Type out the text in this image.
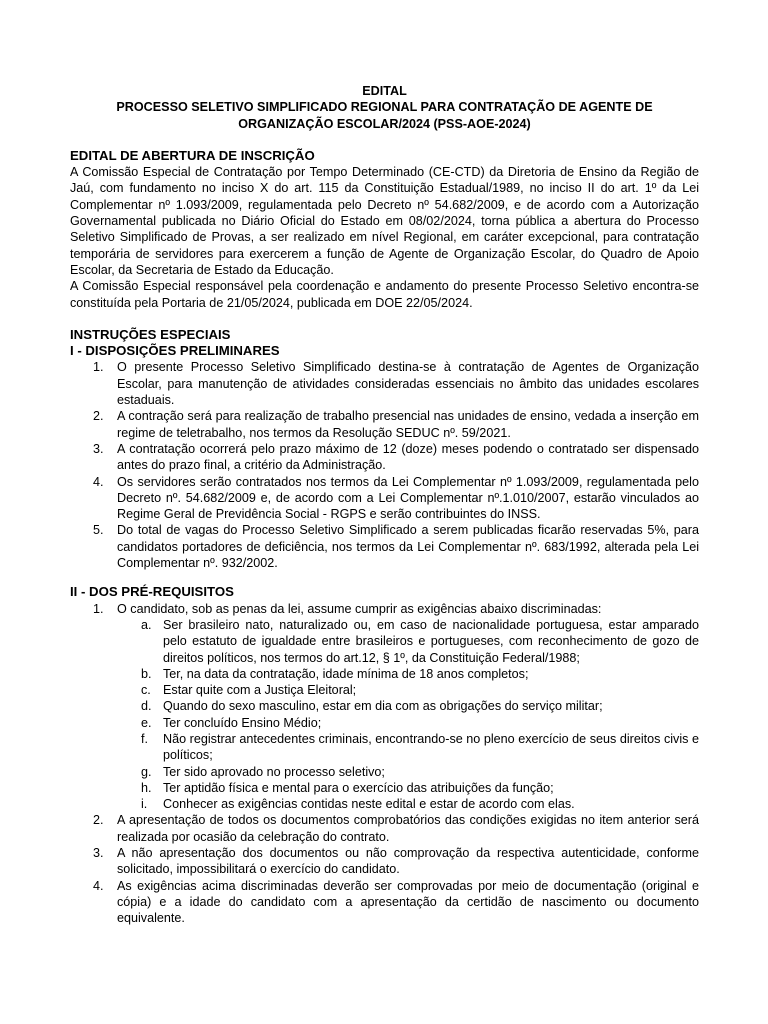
EDITAL
PROCESSO SELETIVO SIMPLIFICADO REGIONAL PARA CONTRATAÇÃO DE AGENTE DE ORGANIZAÇÃO ESCOLAR/2024 (PSS-AOE-2024)
EDITAL DE ABERTURA DE INSCRIÇÃO
A Comissão Especial de Contratação por Tempo Determinado (CE-CTD) da Diretoria de Ensino da Região de Jaú, com fundamento no inciso X do art. 115 da Constituição Estadual/1989, no inciso II do art. 1º da Lei Complementar nº 1.093/2009, regulamentada pelo Decreto nº 54.682/2009, e de acordo com a Autorização Governamental publicada no Diário Oficial do Estado em 08/02/2024, torna pública a abertura do Processo Seletivo Simplificado de Provas, a ser realizado em nível Regional, em caráter excepcional, para contratação temporária de servidores para exercerem a função de Agente de Organização Escolar, do Quadro de Apoio Escolar, da Secretaria de Estado da Educação.
A Comissão Especial responsável pela coordenação e andamento do presente Processo Seletivo encontra-se constituída pela Portaria de 21/05/2024, publicada em DOE 22/05/2024.
INSTRUÇÕES ESPECIAIS
I - DISPOSIÇÕES PRELIMINARES
1. O presente Processo Seletivo Simplificado destina-se à contratação de Agentes de Organização Escolar, para manutenção de atividades consideradas essenciais no âmbito das unidades escolares estaduais.
2. A contração será para realização de trabalho presencial nas unidades de ensino, vedada a inserção em regime de teletrabalho, nos termos da Resolução SEDUC nº. 59/2021.
3. A contratação ocorrerá pelo prazo máximo de 12 (doze) meses podendo o contratado ser dispensado antes do prazo final, a critério da Administração.
4. Os servidores serão contratados nos termos da Lei Complementar nº 1.093/2009, regulamentada pelo Decreto nº. 54.682/2009 e, de acordo com a Lei Complementar nº.1.010/2007, estarão vinculados ao Regime Geral de Previdência Social - RGPS e serão contribuintes do INSS.
5. Do total de vagas do Processo Seletivo Simplificado a serem publicadas ficarão reservadas 5%, para candidatos portadores de deficiência, nos termos da Lei Complementar nº. 683/1992, alterada pela Lei Complementar nº. 932/2002.
II - DOS PRÉ-REQUISITOS
1. O candidato, sob as penas da lei, assume cumprir as exigências abaixo discriminadas:
a. Ser brasileiro nato, naturalizado ou, em caso de nacionalidade portuguesa, estar amparado pelo estatuto de igualdade entre brasileiros e portugueses, com reconhecimento de gozo de direitos políticos, nos termos do art.12, § 1º, da Constituição Federal/1988;
b. Ter, na data da contratação, idade mínima de 18 anos completos;
c. Estar quite com a Justiça Eleitoral;
d. Quando do sexo masculino, estar em dia com as obrigações do serviço militar;
e. Ter concluído Ensino Médio;
f. Não registrar antecedentes criminais, encontrando-se no pleno exercício de seus direitos civis e políticos;
g. Ter sido aprovado no processo seletivo;
h. Ter aptidão física e mental para o exercício das atribuições da função;
i. Conhecer as exigências contidas neste edital e estar de acordo com elas.
2. A apresentação de todos os documentos comprobatórios das condições exigidas no item anterior será realizada por ocasião da celebração do contrato.
3. A não apresentação dos documentos ou não comprovação da respectiva autenticidade, conforme solicitado, impossibilitará o exercício do candidato.
4. As exigências acima discriminadas deverão ser comprovadas por meio de documentação (original e cópia) e a idade do candidato com a apresentação da certidão de nascimento ou documento equivalente.
